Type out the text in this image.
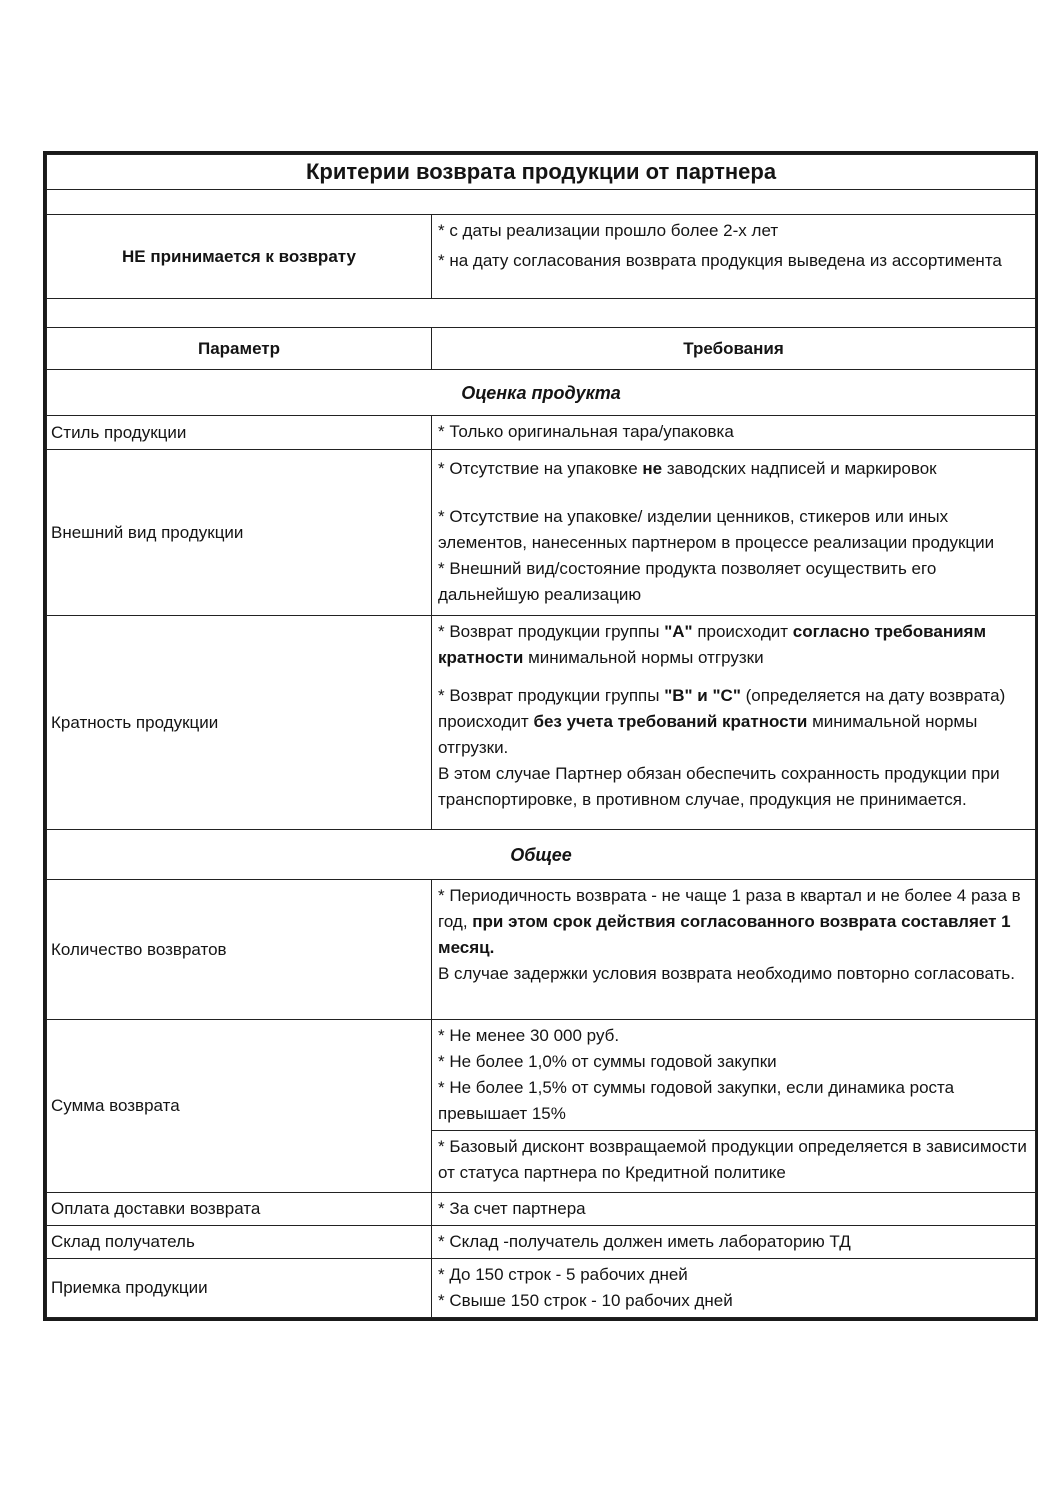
Критерии возврата продукции от партнера	

НЕ принимается к возврату	* с даты реализации прошло более 2-х лет
* на дату согласования возврата продукция выведена из ассортимента

Параметр	Требования
Оценка продукта	
Стиль продукции	* Только оригинальная тара/упаковка
Внешний вид продукции	* Отсутствие на упаковке не заводских надписей и маркировок
* Отсутствие на упаковке/ изделии ценников, стикеров или иных элементов, нанесенных партнером в процессе реализации продукции
* Внешний вид/состояние продукта позволяет осуществить его дальнейшую реализацию

Кратность продукции	* Возврат продукции группы "А" происходит согласно требованиям кратности минимальной нормы отгрузки
* Возврат продукции группы "В" и "С" (определяется на дату возврата) происходит без учета требований кратности минимальной нормы отгрузки.
В этом случае Партнер обязан обеспечить сохранность продукции при транспортировке, в противном случае, продукция не принимается.

Общее	
Количество возвратов	* Периодичность возврата - не чаще 1 раза в квартал и не более 4 раза в год, при этом срок действия согласованного возврата составляет 1 месяц.
В случае задержки условия возврата необходимо повторно согласовать.

Сумма возврата	* Не менее 30 000 руб.
* Не более 1,0% от суммы годовой закупки
* Не более 1,5% от суммы годовой закупки, если динамика роста превышает 15%

	* Базовый дисконт возвращаемой продукции определяется в зависимости от статуса партнера по Кредитной политике
Оплата доставки возврата	* За счет партнера
Склад получатель	* Склад -получатель должен иметь лабораторию ТД
Приемка продукции	* До 150 строк - 5 рабочих дней
* Свыше 150 строк - 10 рабочих дней
